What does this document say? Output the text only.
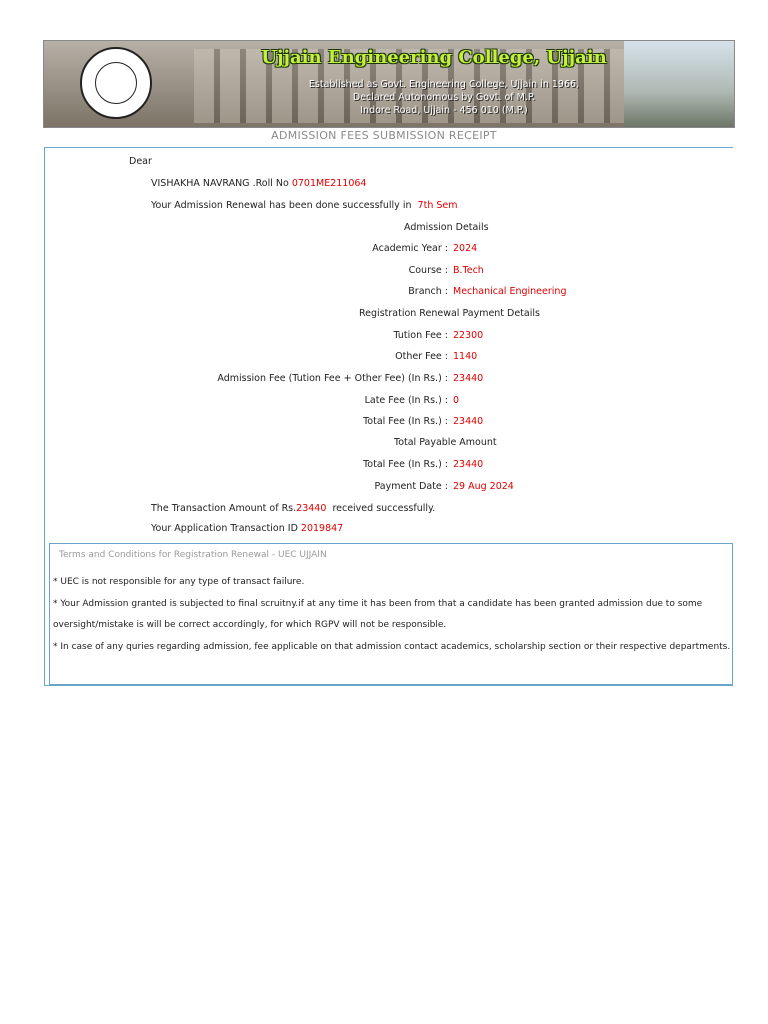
Ujjain Engineering College, Ujjain
Established as Govt. Engineering College, Ujjain in 1966,
Declared Autonomous by Govt. of M.P.
Indore Road, Ujjain - 456 010 (M.P.)
ADMISSION FEES SUBMISSION RECEIPT
Dear
VISHAKHA NAVRANG .Roll No 0701ME211064
Your Admission Renewal has been done successfully in 7th Sem
Admission Details
Academic Year : 2024
Course : B.Tech
Branch : Mechanical Engineering
Registration Renewal Payment Details
Tution Fee : 22300
Other Fee : 1140
Admission Fee (Tution Fee + Other Fee) (In Rs.) : 23440
Late Fee (In Rs.) : 0
Total Fee (In Rs.) : 23440
Total Payable Amount
Total Fee (In Rs.) : 23440
Payment Date : 29 Aug 2024
The Transaction Amount of Rs.23440 received successfully.
Your Application Transaction ID 2019847
Terms and Conditions for Registration Renewal - UEC UJJAIN
* UEC is not responsible for any type of transact failure.
* Your Admission granted is subjected to final scruitny.if at any time it has been from that a candidate has been granted admission due to some
oversight/mistake is will be correct accordingly, for which RGPV will not be responsible.
* In case of any quries regarding admission, fee applicable on that admission contact academics, scholarship section or their respective departments.
